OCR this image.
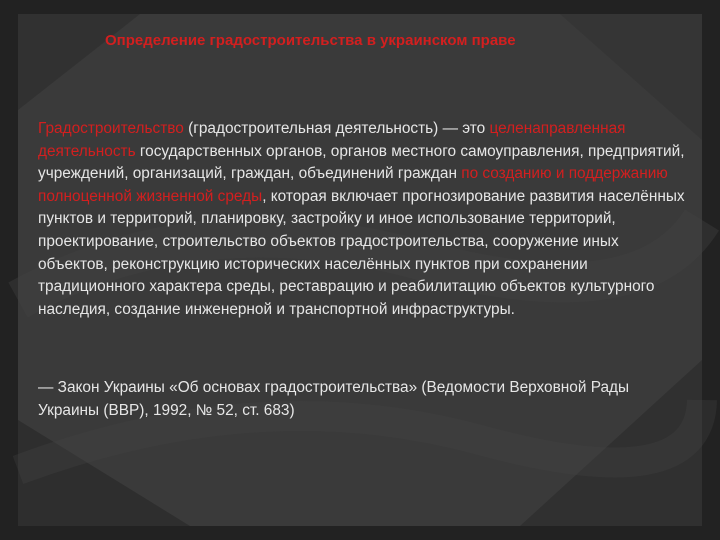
Определение градостроительства в украинском праве

Градостроительство (градостроительная деятельность) — это целенаправленная деятельность государственных органов, органов местного самоуправления, предприятий, учреждений, организаций, граждан, объединений граждан по созданию и поддержанию полноценной жизненной среды, которая включает прогнозирование развития населённых пунктов и территорий, планировку, застройку и иное использование территорий, проектирование, строительство объектов градостроительства, сооружение иных объектов, реконструкцию исторических населённых пунктов при сохранении традиционного характера среды, реставрацию и реабилитацию объектов культурного наследия, создание инженерной и транспортной инфраструктуры.

— Закон Украины «Об основах градостроительства» (Ведомости Верховной Рады Украины (ВВР), 1992, № 52, ст. 683)
